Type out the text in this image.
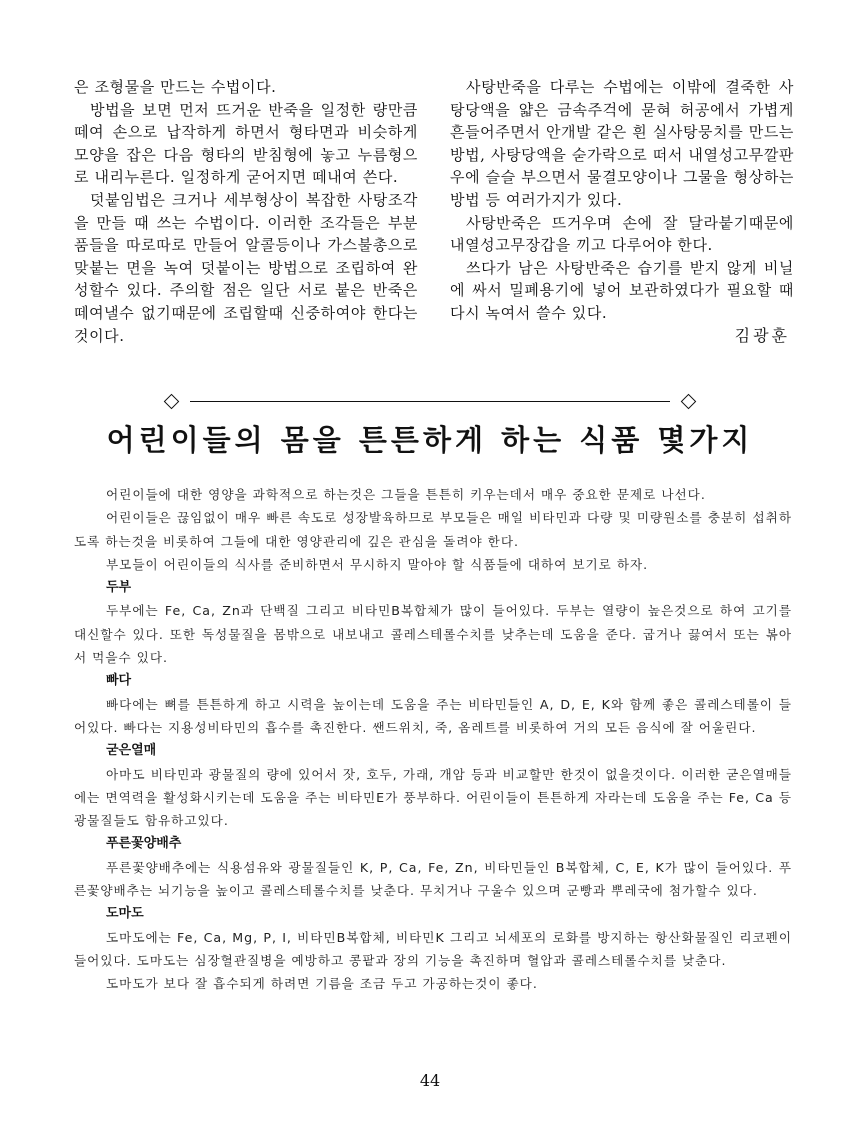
은 조형물을 만드는 수법이다.

방법을 보면 먼저 뜨거운 반죽을 일정한 량만큼 떼여 손으로 납작하게 하면서 형타면과 비슷하게 모양을 잡은 다음 형타의 받침형에 놓고 누름형으로 내리누른다. 일정하게 굳어지면 떼내여 쓴다.

덧붙임법은 크거나 세부형상이 복잡한 사탕조각을 만들 때 쓰는 수법이다. 이러한 조각들은 부분품들을 따로따로 만들어 알콜등이나 가스불총으로 맞붙는 면을 녹여 덧붙이는 방법으로 조립하여 완성할수 있다. 주의할 점은 일단 서로 붙은 반죽은 떼여낼수 없기때문에 조립할때 신중하여야 한다는것이다.

사탕반죽을 다루는 수법에는 이밖에 결죽한 사탕당액을 얇은 금속주걱에 묻혀 허공에서 가볍게 흔들어주면서 안개발 같은 흰 실사탕뭉치를 만드는 방법, 사탕당액을 숟가락으로 떠서 내열성고무깔판우에 슬슬 부으면서 물결모양이나 그물을 형상하는 방법 등 여러가지가 있다.

사탕반죽은 뜨거우며 손에 잘 달라붙기때문에 내열성고무장갑을 끼고 다루어야 한다.

쓰다가 남은 사탕반죽은 습기를 받지 않게 비닐에 싸서 밀폐용기에 넣어 보관하였다가 필요할 때 다시 녹여서 쓸수 있다.

김광훈

어린이들의 몸을 튼튼하게 하는 식품 몇가지

어린이들에 대한 영양을 과학적으로 하는것은 그들을 튼튼히 키우는데서 매우 중요한 문제로 나선다.

어린이들은 끊임없이 매우 빠른 속도로 성장발육하므로 부모들은 매일 비타민과 다량 및 미량원소를 충분히 섭취하도록 하는것을 비롯하여 그들에 대한 영양관리에 깊은 관심을 돌려야 한다.

부모들이 어린이들의 식사를 준비하면서 무시하지 말아야 할 식품들에 대하여 보기로 하자.

두부

두부에는 Fe, Ca, Zn과 단백질 그리고 비타민B복합체가 많이 들어있다. 두부는 열량이 높은것으로 하여 고기를 대신할수 있다. 또한 독성물질을 몸밖으로 내보내고 콜레스테롤수치를 낮추는데 도움을 준다. 굽거나 끓여서 또는 볶아서 먹을수 있다.

빠다

빠다에는 뼈를 튼튼하게 하고 시력을 높이는데 도움을 주는 비타민들인 A, D, E, K와 함께 좋은 콜레스테롤이 들어있다. 빠다는 지용성비타민의 흡수를 촉진한다. 쌘드위치, 죽, 옴레트를 비롯하여 거의 모든 음식에 잘 어울린다.

굳은열매

아마도 비타민과 광물질의 량에 있어서 잣, 호두, 가래, 개암 등과 비교할만 한것이 없을것이다. 이러한 굳은열매들에는 면역력을 활성화시키는데 도움을 주는 비타민E가 풍부하다. 어린이들이 튼튼하게 자라는데 도움을 주는 Fe, Ca 등 광물질들도 함유하고있다.

푸른꽃양배추

푸른꽃양배추에는 식용섬유와 광물질들인 K, P, Ca, Fe, Zn, 비타민들인 B복합체, C, E, K가 많이 들어있다. 푸른꽃양배추는 뇌기능을 높이고 콜레스테롤수치를 낮춘다. 무치거나 구울수 있으며 군빵과 뿌레국에 첨가할수 있다.

도마도

도마도에는 Fe, Ca, Mg, P, I, 비타민B복합체, 비타민K 그리고 뇌세포의 로화를 방지하는 항산화물질인 리코펜이 들어있다. 도마도는 심장혈관질병을 예방하고 콩팥과 장의 기능을 촉진하며 혈압과 콜레스테롤수치를 낮춘다.

도마도가 보다 잘 흡수되게 하려면 기름을 조금 두고 가공하는것이 좋다.

44
